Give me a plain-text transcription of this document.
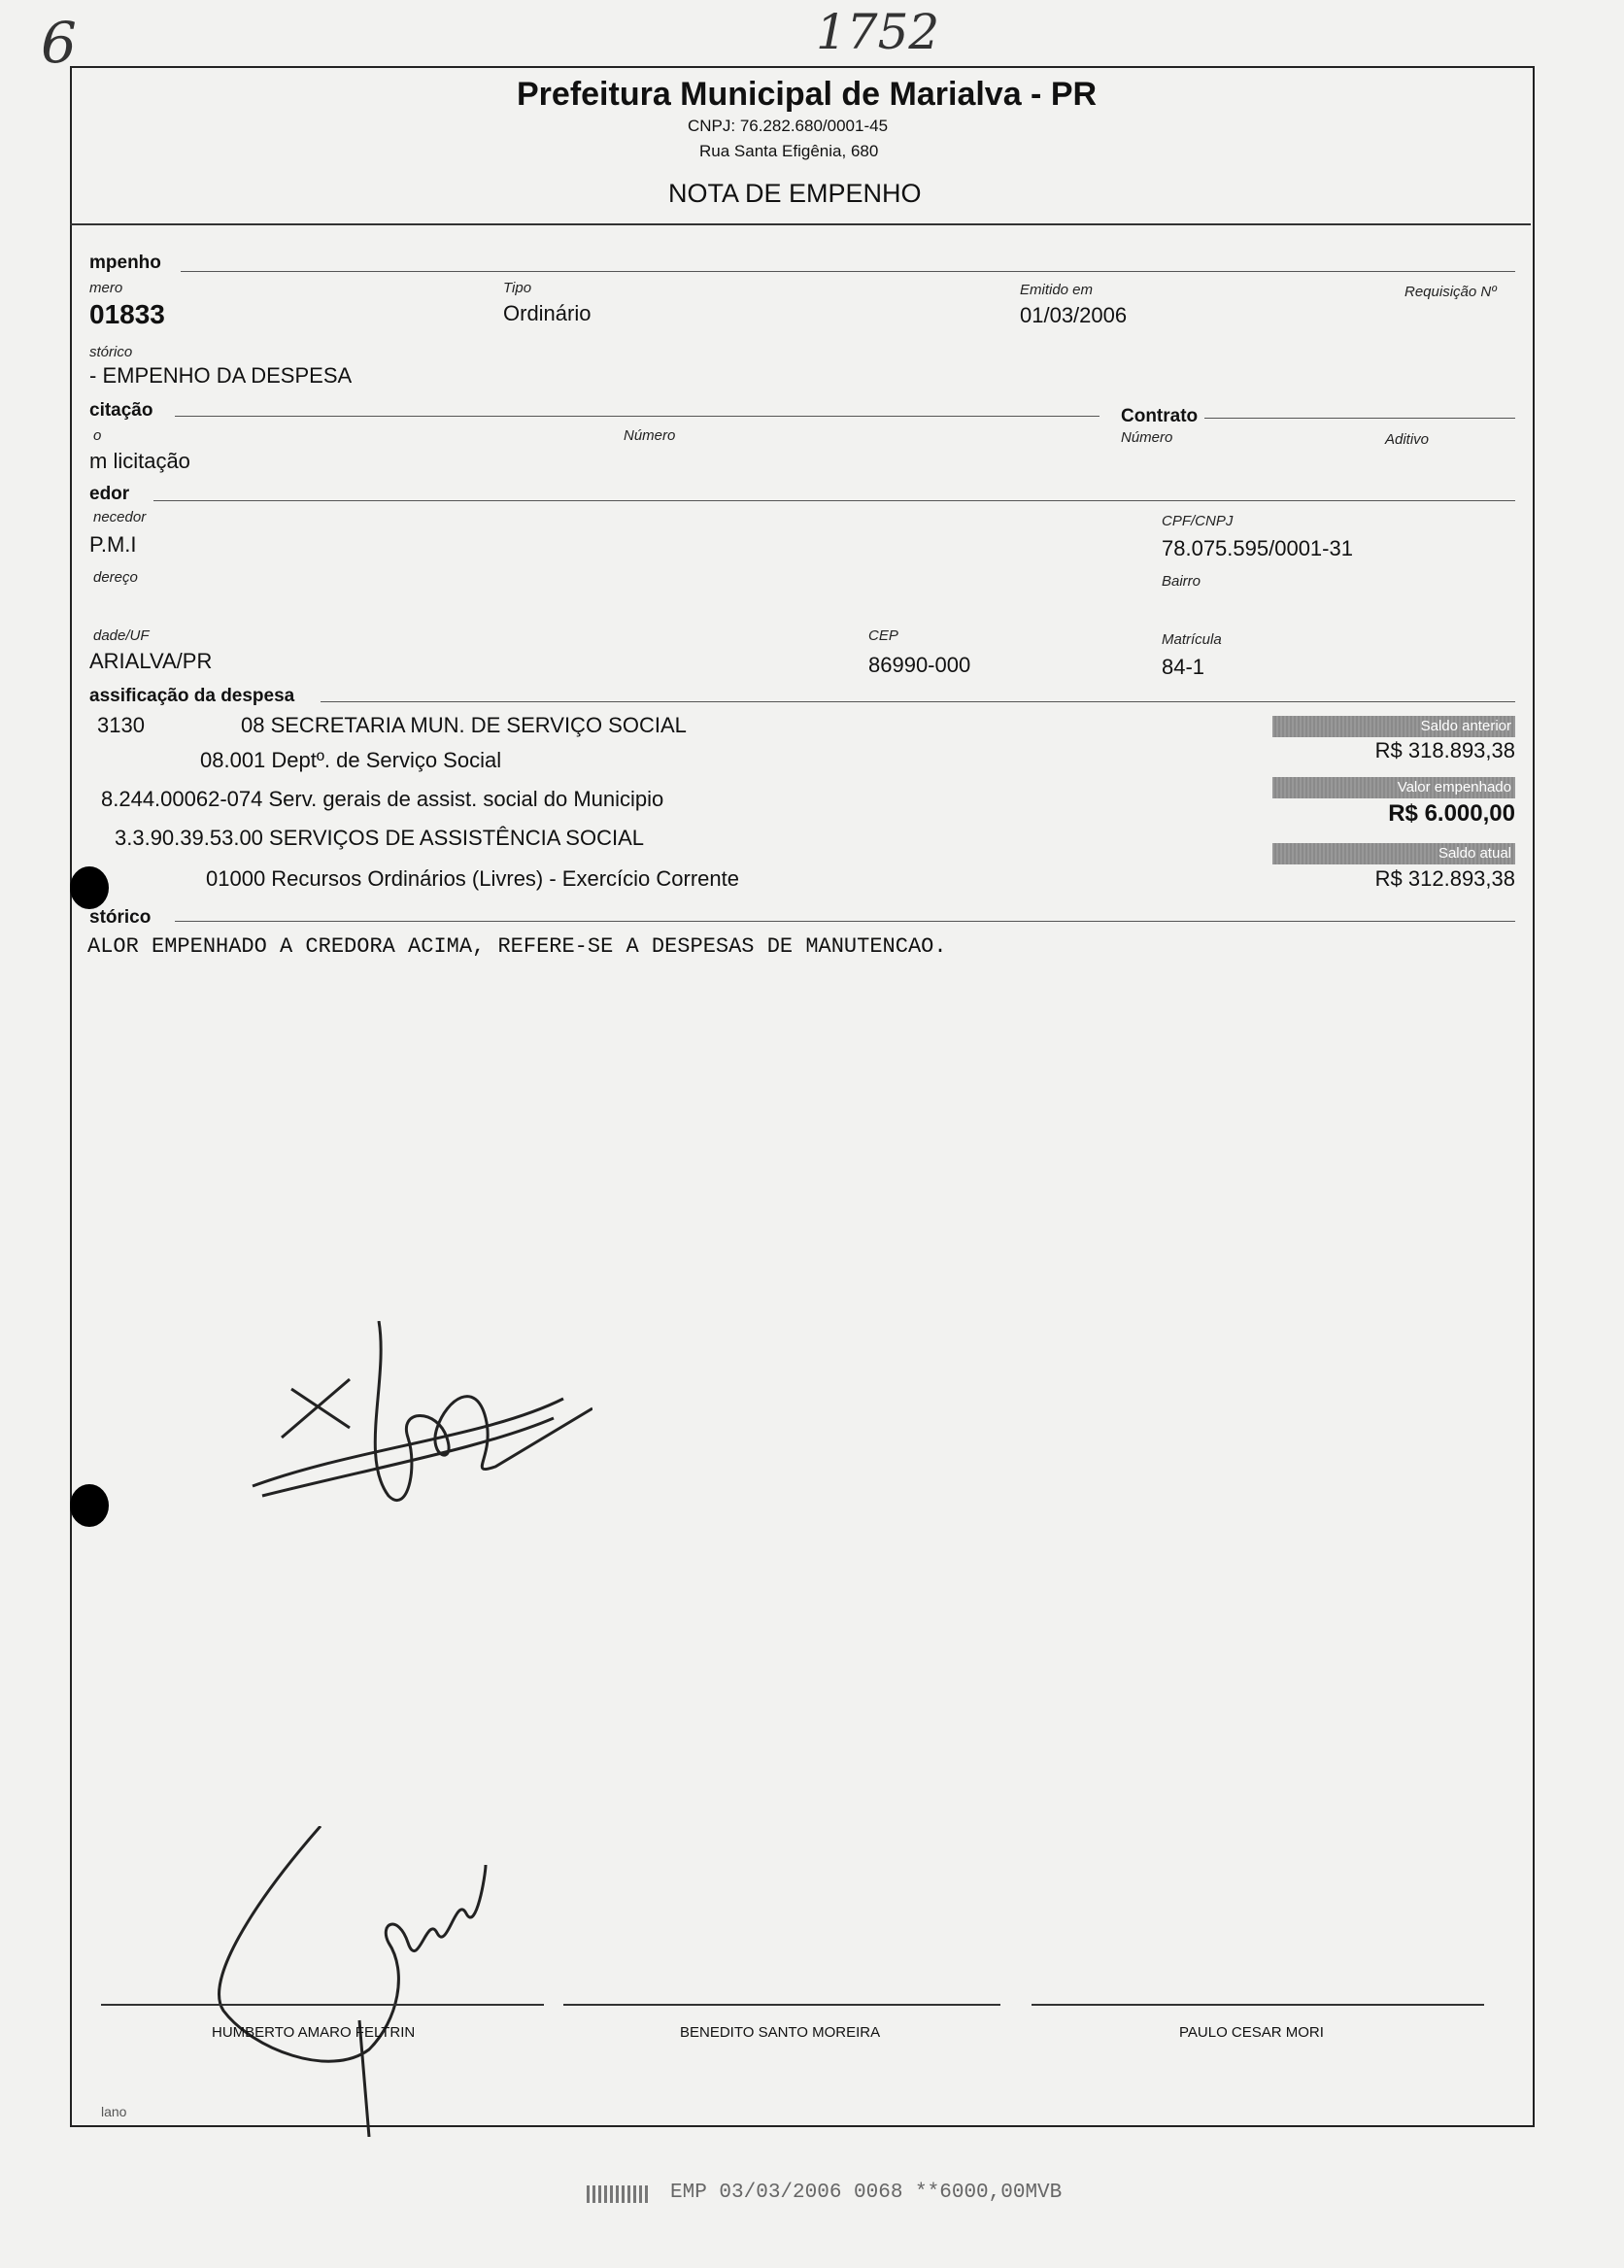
1752
6
Prefeitura Municipal de Marialva - PR
CNPJ: 76.282.680/0001-45
Rua Santa Efigênia, 680
NOTA DE EMPENHO
mpenho
mero
01833
Tipo
Ordinário
Emitido em
01/03/2006
Requisição Nº
stórico
- EMPENHO DA DESPESA
citação
o
m licitação
Número
Contrato
Número	Aditivo
edor
necedor
P.M.I
CPF/CNPJ
78.075.595/0001-31
dereço	Bairro
dade/UF
ARIALVA/PR
CEP
86990-000
Matrícula
84-1
assificação da despesa
3130	08 SECRETARIA MUN. DE SERVIÇO SOCIAL
08.001 Deptº. de Serviço Social
8.244.00062-074 Serv. gerais de assist. social do Municipio
3.3.90.39.53.00 SERVIÇOS DE ASSISTÊNCIA SOCIAL
01000 Recursos Ordinários (Livres) - Exercício Corrente
Saldo anterior
R$ 318.893,38
Valor empenhado
R$ 6.000,00
Saldo atual
R$ 312.893,38
stórico
ALOR EMPENHADO A CREDORA ACIMA, REFERE-SE A DESPESAS DE MANUTENCAO.
HUMBERTO AMARO FELTRIN	BENEDITO SANTO MOREIRA	PAULO CESAR MORI
lano
EMP 03/03/2006 0068 **6000,00MVB
